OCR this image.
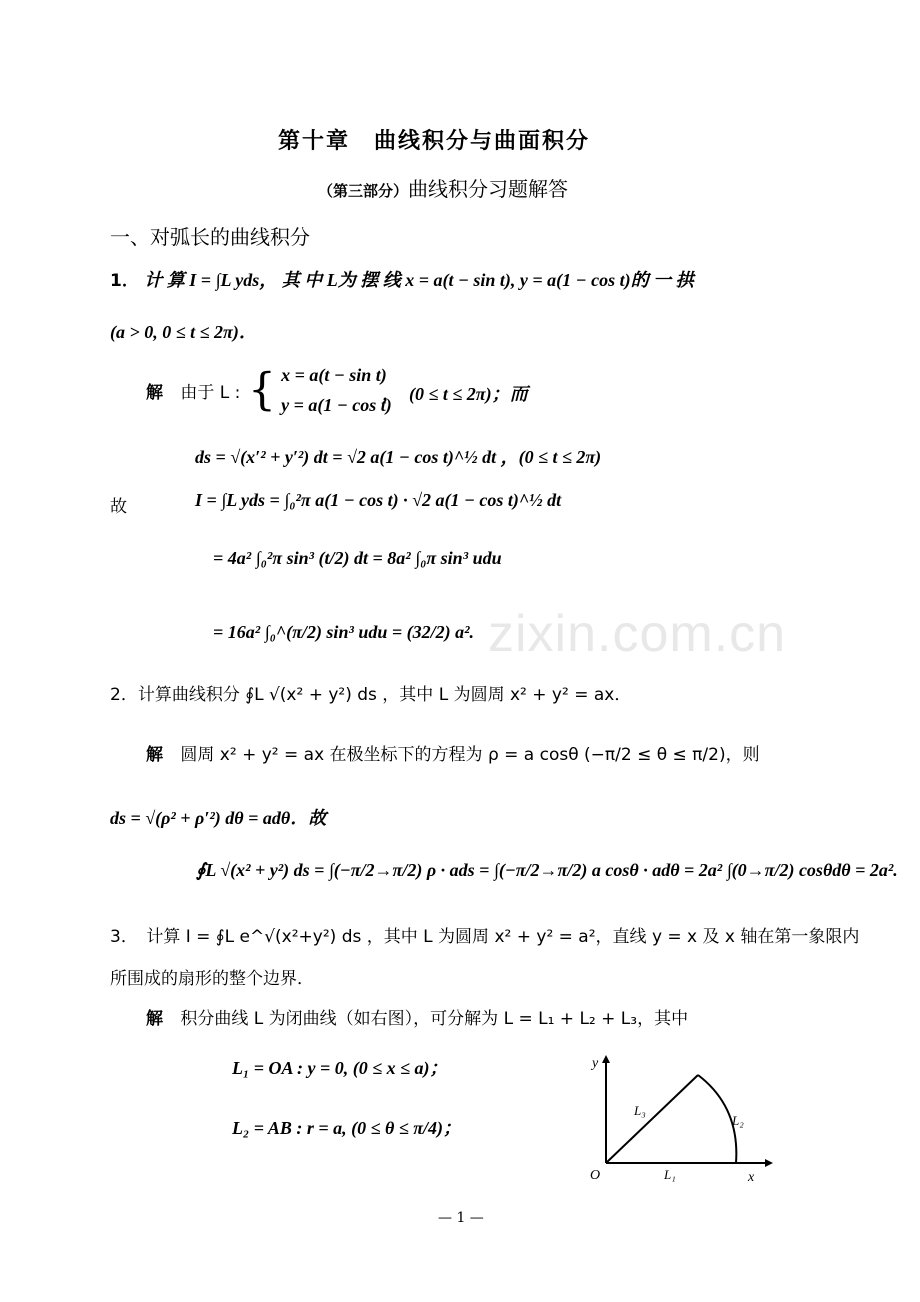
第十章　曲线积分与曲面积分
（第三部分）曲线积分习题解答
一、对弧长的曲线积分
1． 计 算 I = ∫L yds， 其 中 L为 摆 线 x = a(t − sin t), y = a(1 − cos t)的 一 拱
(a > 0, 0 ≤ t ≤ 2π)．
解 由于 L : { x = a(t − sin t)
y = a(1 − cos t)
，　(0 ≤ t ≤ 2π)；而
ds = √(x′² + y′²) dt = √2 a(1 − cos t)^½ dt ，(0 ≤ t ≤ 2π)
故	I = ∫L yds = ∫₀²π a(1 − cos t) · √2 a(1 − cos t)^½ dt
= 4a² ∫₀²π sin³ (t/2) dt = 8a² ∫₀π sin³ udu
= 16a² ∫₀^(π/2) sin³ udu = (32/2) a². zixin.com.cn
2．计算曲线积分 ∮L √(x² + y²) ds ，其中 L 为圆周 x² + y² = ax．
解 圆周 x² + y² = ax 在极坐标下的方程为 ρ = a cosθ (−π/2 ≤ θ ≤ π/2)，则
ds = √(ρ² + ρ′²) dθ = adθ．故
∮L √(x² + y²) ds = ∫(−π/2→π/2) ρ · ads = ∫(−π/2→π/2) a cosθ · adθ = 2a² ∫(0→π/2) cosθdθ = 2a².
3．　计算 I = ∮L e^√(x²+y²) ds ，其中 L 为圆周 x² + y² = a²，直线 y = x 及 x 轴在第一象限内
所围成的扇形的整个边界．
解 积分曲线 L 为闭曲线（如右图），可分解为 L = L₁ + L₂ + L₃，其中
L₁ = OA : y = 0, (0 ≤ x ≤ a)；
L₂ = AB : r = a, (0 ≤ θ ≤ π/4)；
y
x
O	L₁
L₂
L₃
— 1 —
